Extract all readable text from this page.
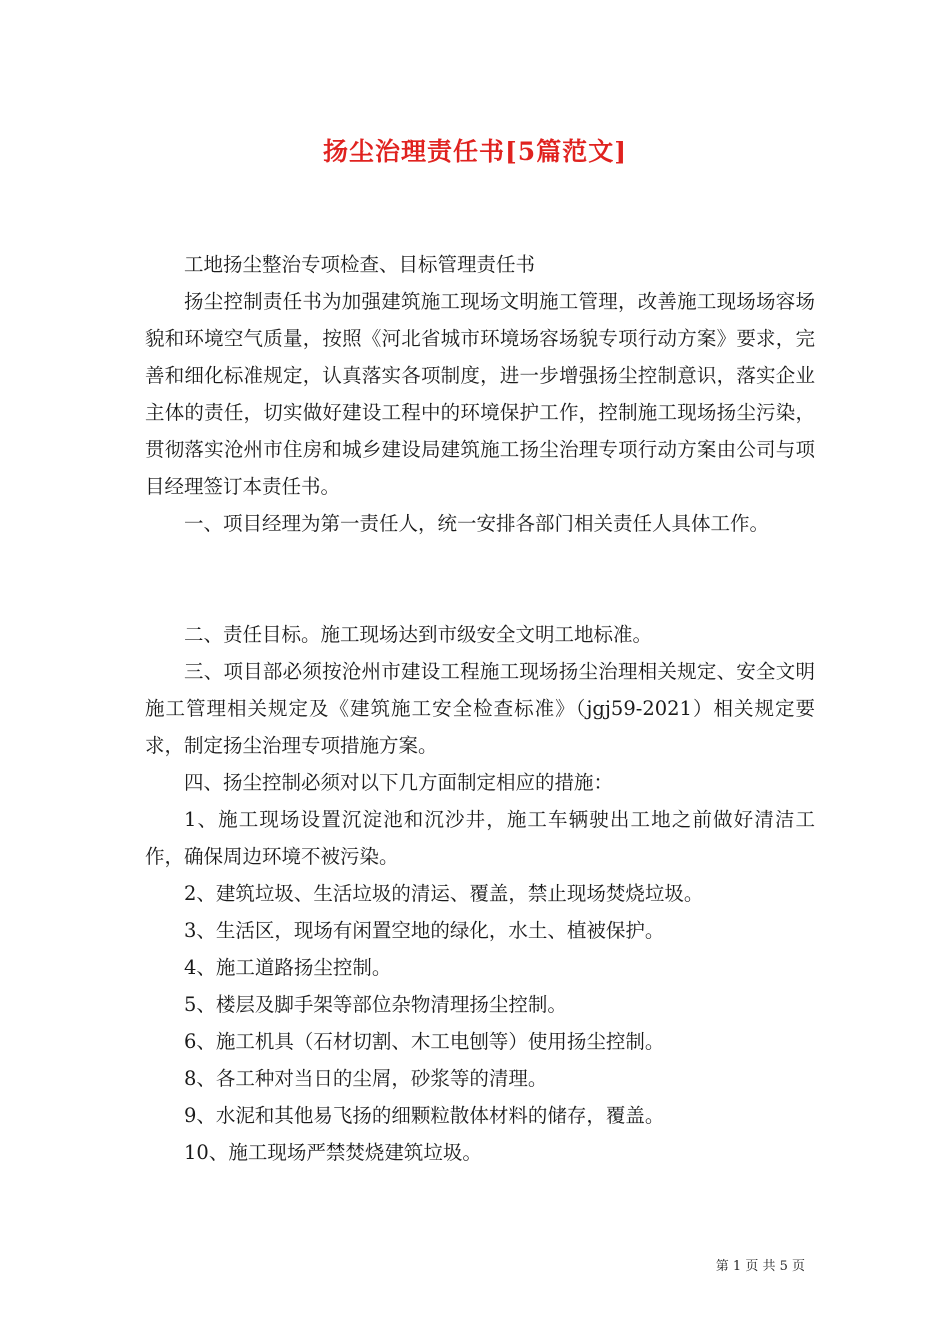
扬尘治理责任书[5篇范文]

工地扬尘整治专项检查、目标管理责任书

扬尘控制责任书为加强建筑施工现场文明施工管理，改善施工现场场容场貌和环境空气质量，按照《河北省城市环境场容场貌专项行动方案》要求，完善和细化标准规定，认真落实各项制度，进一步增强扬尘控制意识，落实企业主体的责任，切实做好建设工程中的环境保护工作，控制施工现场扬尘污染，贯彻落实沧州市住房和城乡建设局建筑施工扬尘治理专项行动方案由公司与项目经理签订本责任书。

一、项目经理为第一责任人，统一安排各部门相关责任人具体工作。

二、责任目标。施工现场达到市级安全文明工地标准。

三、项目部必须按沧州市建设工程施工现场扬尘治理相关规定、安全文明施工管理相关规定及《建筑施工安全检查标准》（jgj59-2021）相关规定要求，制定扬尘治理专项措施方案。

四、扬尘控制必须对以下几方面制定相应的措施：

1、施工现场设置沉淀池和沉沙井，施工车辆驶出工地之前做好清洁工作，确保周边环境不被污染。

2、建筑垃圾、生活垃圾的清运、覆盖，禁止现场焚烧垃圾。

3、生活区，现场有闲置空地的绿化，水土、植被保护。

4、施工道路扬尘控制。

5、楼层及脚手架等部位杂物清理扬尘控制。

6、施工机具（石材切割、木工电刨等）使用扬尘控制。

8、各工种对当日的尘屑，砂浆等的清理。

9、水泥和其他易飞扬的细颗粒散体材料的储存，覆盖。

10、施工现场严禁焚烧建筑垃圾。

第 1 页 共 5 页
